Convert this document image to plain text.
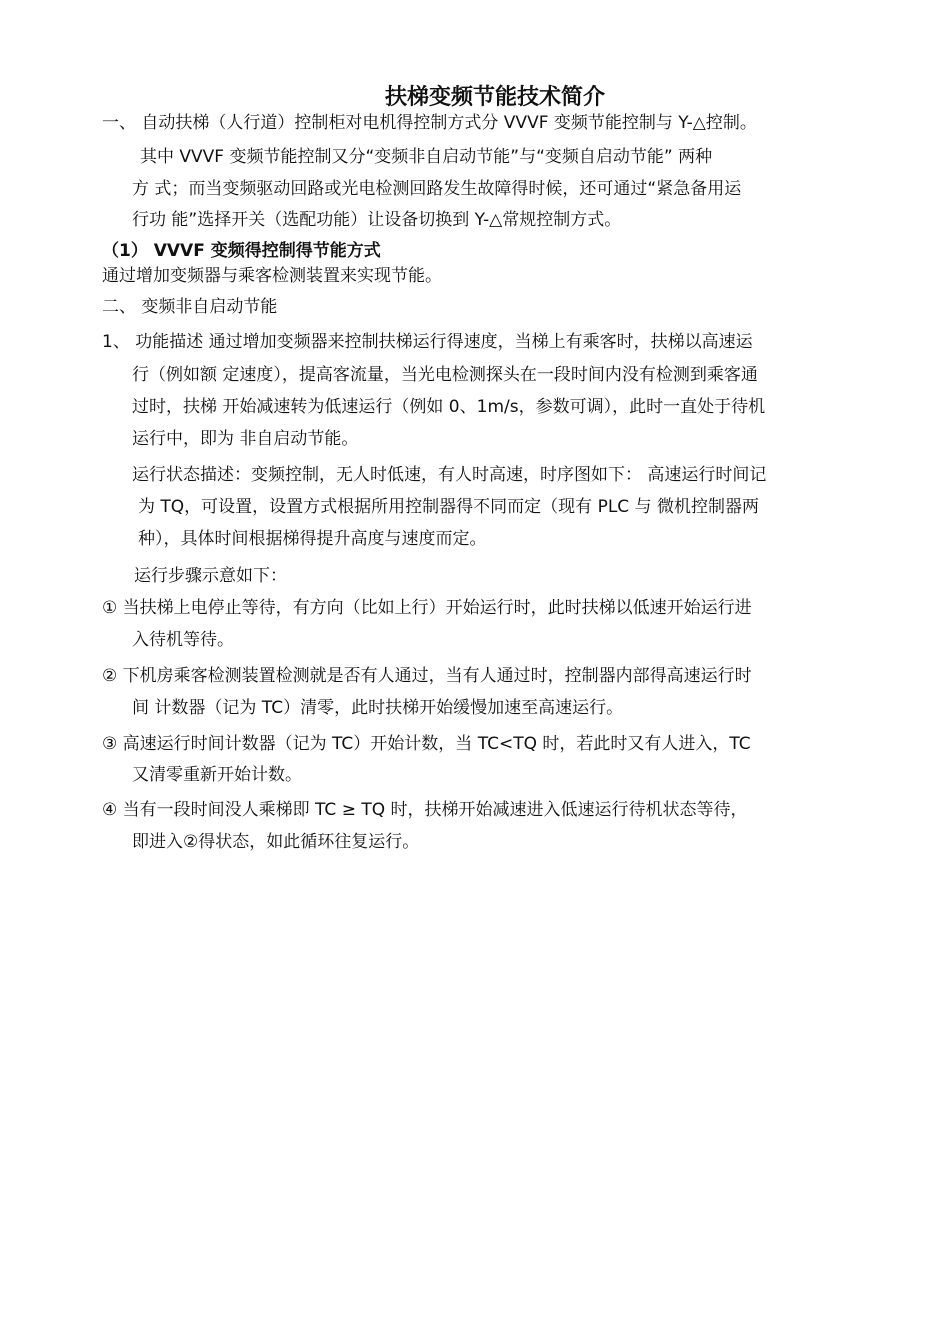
扶梯变频节能技术简介
一、 自动扶梯（人行道）控制柜对电机得控制方式分 VVVF 变频节能控制与 Y-△控制。
其中 VVVF 变频节能控制又分“变频非自启动节能”与“变频自启动节能” 两种
方 式；而当变频驱动回路或光电检测回路发生故障得时候，还可通过“紧急备用运
行功 能”选择开关（选配功能）让设备切换到 Y-△常规控制方式。
（1） VVVF 变频得控制得节能方式
通过增加变频器与乘客检测装置来实现节能。
二、 变频非自启动节能
1、 功能描述 通过增加变频器来控制扶梯运行得速度，当梯上有乘客时，扶梯以高速运
行（例如额 定速度），提高客流量，当光电检测探头在一段时间内没有检测到乘客通
过时，扶梯 开始减速转为低速运行（例如 0、1m/s，参数可调），此时一直处于待机
运行中，即为 非自启动节能。
运行状态描述：变频控制，无人时低速，有人时高速，时序图如下： 高速运行时间记
为 TQ，可设置，设置方式根据所用控制器得不同而定（现有 PLC 与 微机控制器两
种），具体时间根据梯得提升高度与速度而定。
运行步骤示意如下：
① 当扶梯上电停止等待，有方向（比如上行）开始运行时，此时扶梯以低速开始运行进
入待机等待。
② 下机房乘客检测装置检测就是否有人通过，当有人通过时，控制器内部得高速运行时
间 计数器（记为 TC）清零，此时扶梯开始缓慢加速至高速运行。
③ 高速运行时间计数器（记为 TC）开始计数，当 TC<TQ 时，若此时又有人进入，TC
又清零重新开始计数。
④ 当有一段时间没人乘梯即 TC ≥ TQ 时，扶梯开始减速进入低速运行待机状态等待，
即进入②得状态，如此循环往复运行。
